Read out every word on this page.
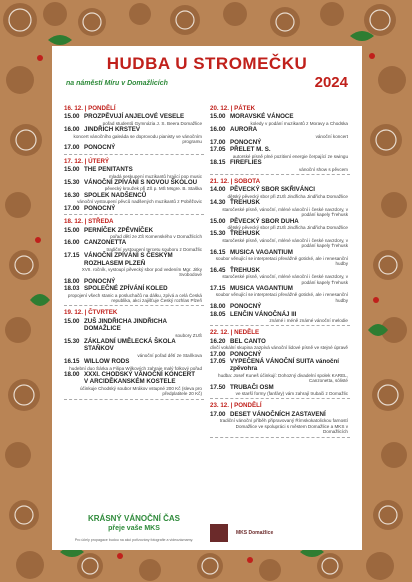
HUDBA U STROMEČKU
na náměstí Míru v Domažlicích	2024
16. 12. | PONDĚLÍ
15.00 PROZPĚVUJÍ ANJELOVÉ VESELE
pořad studentů Gymnázia J. S. Beera Domažlice
16.00 JINDŘICH KRSTEV
koncert vánočního galeáda se doprovodu pianisty ve vánočním programu
17.00 PONOCNÝ
17. 12. | ÚTERÝ
15.00 THE PENITANTS
mladá seskupení muzikantů hrající pop music
15.30 VÁNOČNÍ ZPÍVÁNÍ S NOVOU ŠKOLOU
pěvecký kroužek při ZŠ p. MŠ Msgre. B. Staška
16.30 SPOLEK NADŠENCŮ
vánoční vystoupení pěvců nadšených muzikantů z Poběžovic
17.00 PONOCNÝ
18. 12. | STŘEDA
15.00 PERNÍČEK ZPĚVNÍČEK
pořad dětí ze ZŠ Komenského v Domažlicích
16.00 CANZONETTA
tradiční vystoupení tercetu souboru z Domažlic
17.15 VÁNOČNÍ ZPÍVÁNÍ S ČESKÝM ROZHLASEM PLZEŇ
XVII. ročník, vystoupí pěvecký sbor pod vedením Mgr. Jitky Svobodové
18.00 PONOCNÝ
18.03 SPOLEČNÉ ZPÍVÁNÍ KOLED
propojení všech stanic a posluchačů na dálku, zpívá a celá Česká republika, akci zajišťuje Český rozhlas Plzeň
19. 12. | ČTVRTEK
15.00 ZUŠ JINDŘICHA JINDŘICHA DOMAŽLICE
soubory ZUŠ
15.30 ZÁKLADNÍ UMĚLECKÁ ŠKOLA STAŇKOV
vánoční pořad dětí ze Staňkova
16.15 WILLOW RODS
hudební duo Šárka a Filipa Wilkových zahraje malý folkový pořad
18.00 XXXI. CHODSKÝ VÁNOČNÍ KONCERT V ARCIDĚKANSKÉM KOSTELE
účinkuje Chodský soubor Mrákov vstupné 200 Kč (sleva pro předplatitele 20 Kč)
20. 12. | PÁTEK
15.00 MORAVSKÉ VÁNOCE
koledy v podání muzikantů z Moravy a Chodska
16.00 AURORA
vánoční koncert
17.00 PONOCNÝ
17.05 PŘELET M. S.
autorské písně plné pozitivní energie čerpající ze swingu
18.15 FIREFLIES
vánoční show s pěvcem
21. 12. | SOBOTA
14.00 PĚVECKÝ SBOR SKŘIVÁNCI
dětský pěvecký sbor při ZUŠ Jindřicha Jindřicha Domažlice
14.30 ŤREHUSK
staročeské písně, vánoční, mléné vánoční i české navzdory, v podání kapely Ťrehusk
15.00 PĚVECKÝ SBOR DUHA
dětský pěvecký sbor při ZUŠ Jindřicha Jindřicha Domažlice
15.30 ŤREHUSK
staročeské písně, vánoční, mléné vánoční i české navzdory, v podání kapely Ťrehusk
16.15 MUSICA VAGANTIUM
soubor věnující se interpretaci převážně gotické, ale i renesanční hudby
16.45 ŤREHUSK
staročeské písně, vánoční, mléné vánoční i české navzdory, v podání kapely Ťrehusk
17.15 MUSICA VAGANTIUM
soubor věnující se interpretaci převážně gotické, ale i renesanční hudby
18.00 PONOCNÝ
18.05 LENČIN VÁNOČNÁJ III
známé i méně známé vánoční melodie
22. 12. | NEDĚLE
16.20 BEL CANTO
dívčí vokální skupina zazpívá vánoční lidové písně ve stejné úpravě
17.00 PONOCNÝ
17.05 VYPEČENÁ VÁNOČNÍ SUITA vánoční zpěvohra
hudba: Josef Kuneš účinkují: Dohozný divadelní spolek KAREL, Canzonetta, sólisté
17.50 TRUBAČI OSM
ve starší formy (fanfáry) vám zahrají trubači z Domažlic
23. 12. | PONDĚLÍ
17.00 DESET VÁNOČNÍCH ZASTAVENÍ
tradiční vánoční příběh připravovaný Římskokatolickou farností Domažlice ve spolupráci s městem Domažlice a MKS v Domažlicích
KRÁSNÝ VÁNOČNÍ ČAS
přeje vaše MKS
Pro účely propagace budou na akci pořizovány fotografie a videozáznamy.
MKS Domažlice
